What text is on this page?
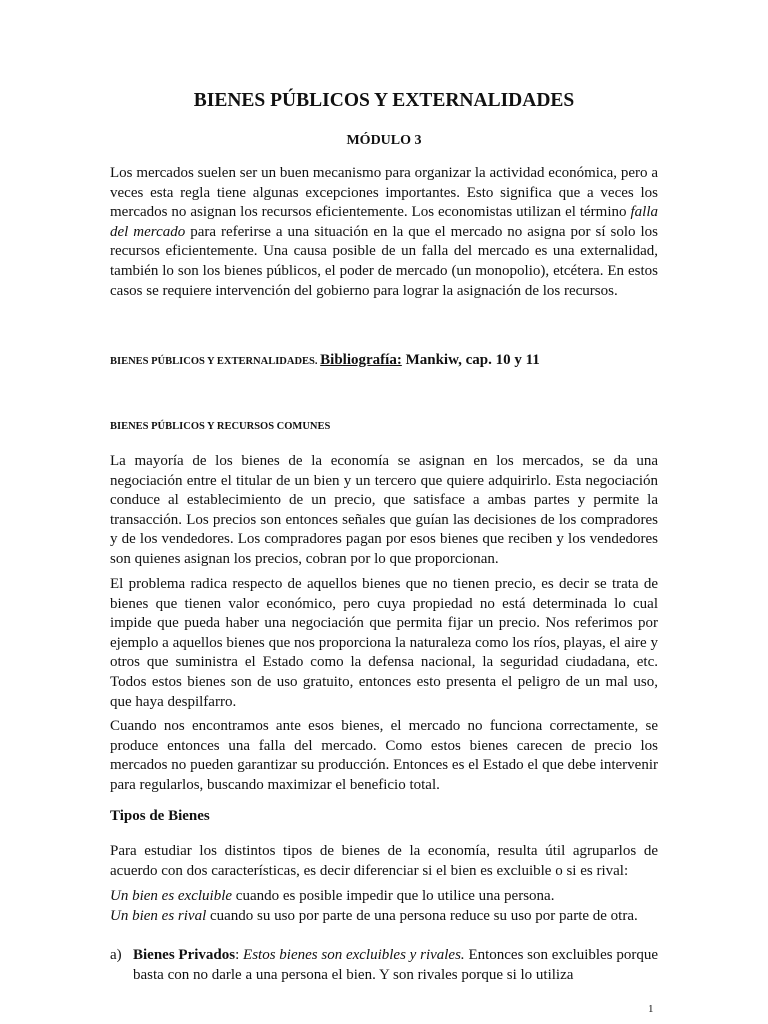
BIENES PÚBLICOS Y EXTERNALIDADES

MÓDULO 3

Los mercados suelen ser un buen mecanismo para organizar la actividad económica, pero a veces esta regla tiene algunas excepciones importantes. Esto significa que a veces los mercados no asignan los recursos eficientemente. Los economistas utilizan el término falla del mercado para referirse a una situación en la que el mercado no asigna por sí solo los recursos eficientemente. Una causa posible de un falla del mercado es una externalidad, también lo son los bienes públicos, el poder de mercado (un monopolio), etcétera. En estos casos se requiere intervención del gobierno para lograr la asignación de los recursos.

BIENES PÚBLICOS Y EXTERNALIDADES. Bibliografía: Mankiw, cap. 10 y 11

BIENES PÚBLICOS Y RECURSOS COMUNES

La mayoría de los bienes de la economía se asignan en los mercados, se da una negociación entre el titular de un bien y un tercero que quiere adquirirlo. Esta negociación conduce al establecimiento de un precio, que satisface a ambas partes y permite la transacción. Los precios son entonces señales que guían las decisiones de los compradores y de los vendedores. Los compradores pagan por esos bienes que reciben y los vendedores son quienes asignan los precios, cobran por lo que proporcionan.

El problema radica respecto de aquellos bienes que no tienen precio, es decir se trata de bienes que tienen valor económico, pero cuya propiedad no está determinada lo cual impide que pueda haber una negociación que permita fijar un precio. Nos referimos por ejemplo a aquellos bienes que nos proporciona la naturaleza como los ríos, playas, el aire y otros que suministra el Estado como la defensa nacional, la seguridad ciudadana, etc. Todos estos bienes son de uso gratuito, entonces esto presenta el peligro de un mal uso, que haya despilfarro.

Cuando nos encontramos ante esos bienes, el mercado no funciona correctamente, se produce entonces una falla del mercado. Como estos bienes carecen de precio los mercados no pueden garantizar su producción. Entonces es el Estado el que debe intervenir para regularlos, buscando maximizar el beneficio total.

Tipos de Bienes

Para estudiar los distintos tipos de bienes de la economía, resulta útil agruparlos de acuerdo con dos características, es decir diferenciar si el bien es excluible o si es rival:

Un bien es excluible cuando es posible impedir que lo utilice una persona.

Un bien es rival cuando su uso por parte de una persona reduce su uso por parte de otra.

a) Bienes Privados: Estos bienes son excluibles y rivales. Entonces son excluibles porque basta con no darle a una persona el bien. Y son rivales porque si lo utiliza

1
